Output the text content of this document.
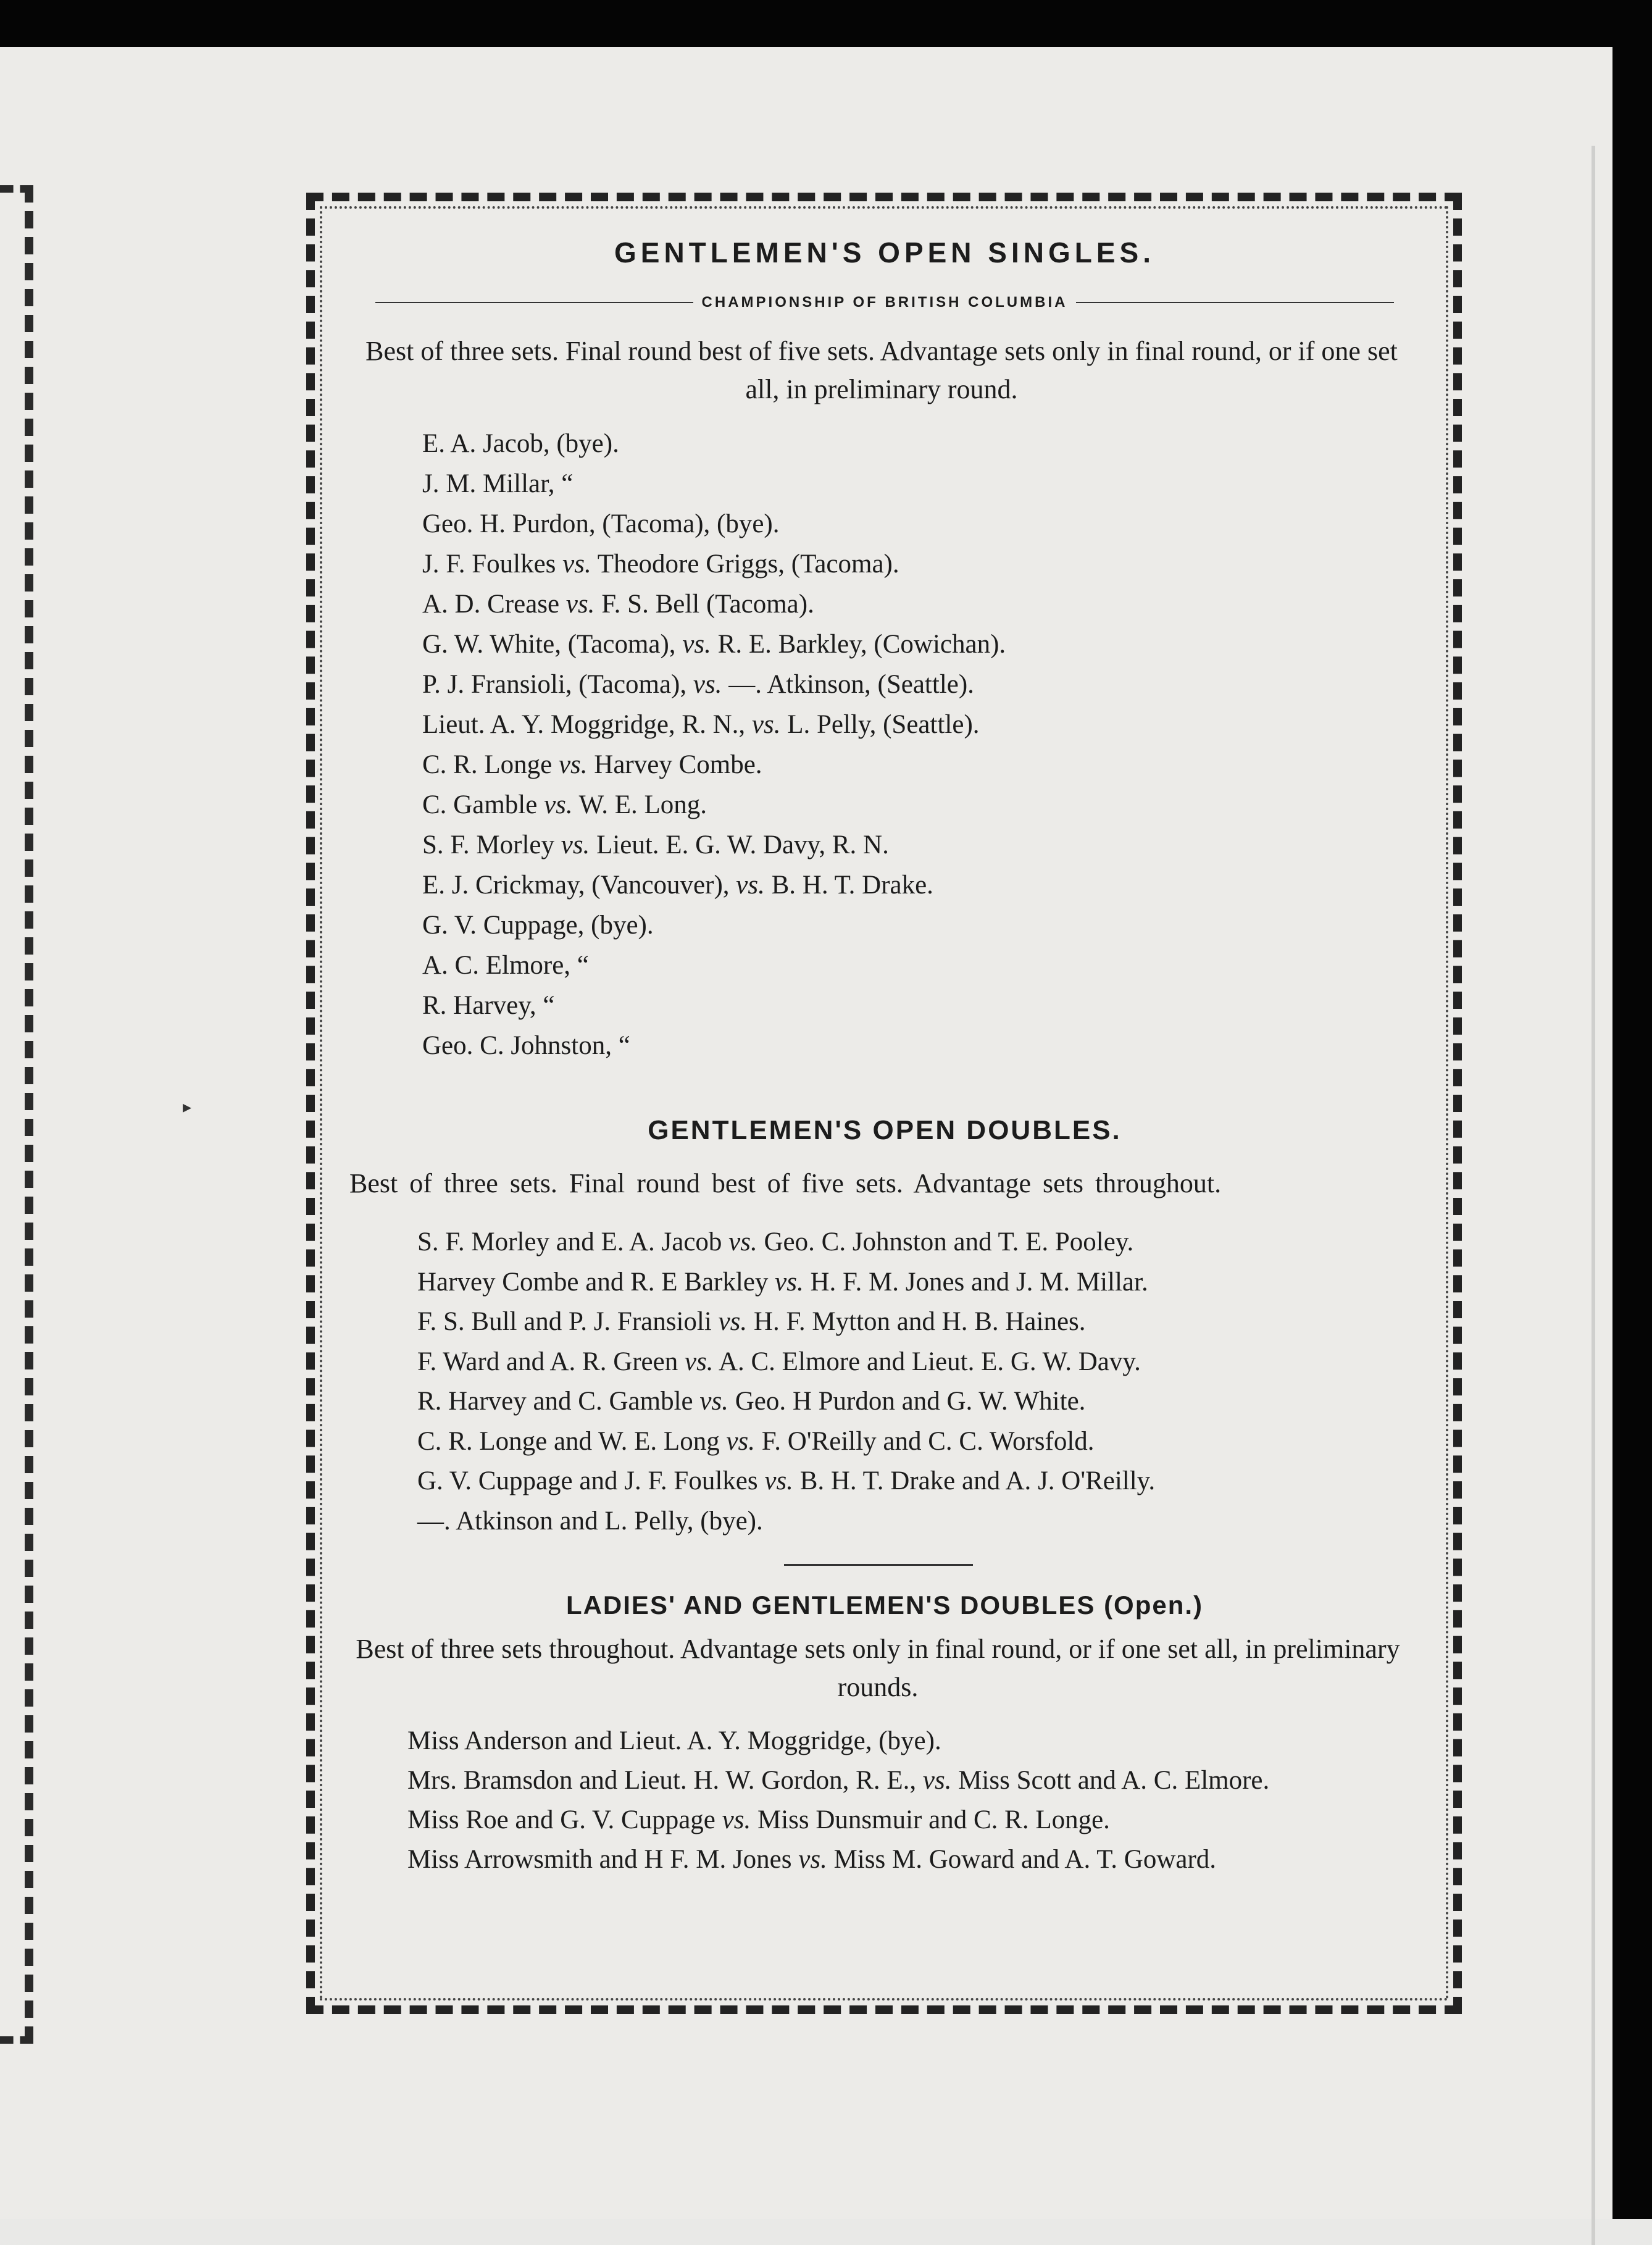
▸
GENTLEMEN'S OPEN SINGLES.
CHAMPIONSHIP OF BRITISH COLUMBIA
Best of three sets. Final round best of five sets. Advantage sets only in final round, or if one set all, in preliminary round.
E. A. Jacob, (bye).
J. M. Millar, “
Geo. H. Purdon, (Tacoma), (bye).
J. F. Foulkes vs. Theodore Griggs, (Tacoma).
A. D. Crease vs. F. S. Bell (Tacoma).
G. W. White, (Tacoma), vs. R. E. Barkley, (Cowichan).
P. J. Fransioli, (Tacoma), vs. —. Atkinson, (Seattle).
Lieut. A. Y. Moggridge, R. N., vs. L. Pelly, (Seattle).
C. R. Longe vs. Harvey Combe.
C. Gamble vs. W. E. Long.
S. F. Morley vs. Lieut. E. G. W. Davy, R. N.
E. J. Crickmay, (Vancouver), vs. B. H. T. Drake.
G. V. Cuppage, (bye).
A. C. Elmore, “
R. Harvey, “
Geo. C. Johnston, “
GENTLEMEN'S OPEN DOUBLES.
Best of three sets. Final round best of five sets. Advantage sets throughout.
S. F. Morley and E. A. Jacob vs. Geo. C. Johnston and T. E. Pooley.
Harvey Combe and R. E Barkley vs. H. F. M. Jones and J. M. Millar.
F. S. Bull and P. J. Fransioli vs. H. F. Mytton and H. B. Haines.
F. Ward and A. R. Green vs. A. C. Elmore and Lieut. E. G. W. Davy.
R. Harvey and C. Gamble vs. Geo. H Purdon and G. W. White.
C. R. Longe and W. E. Long vs. F. O'Reilly and C. C. Worsfold.
G. V. Cuppage and J. F. Foulkes vs. B. H. T. Drake and A. J. O'Reilly.
—. Atkinson and L. Pelly, (bye).
LADIES' AND GENTLEMEN'S DOUBLES (Open.)
Best of three sets throughout. Advantage sets only in final round, or if one set all, in preliminary rounds.
Miss Anderson and Lieut. A. Y. Moggridge, (bye).
Mrs. Bramsdon and Lieut. H. W. Gordon, R. E., vs. Miss Scott and A. C. Elmore.
Miss Roe and G. V. Cuppage vs. Miss Dunsmuir and C. R. Longe.
Miss Arrowsmith and H F. M. Jones vs. Miss M. Goward and A. T. Goward.
